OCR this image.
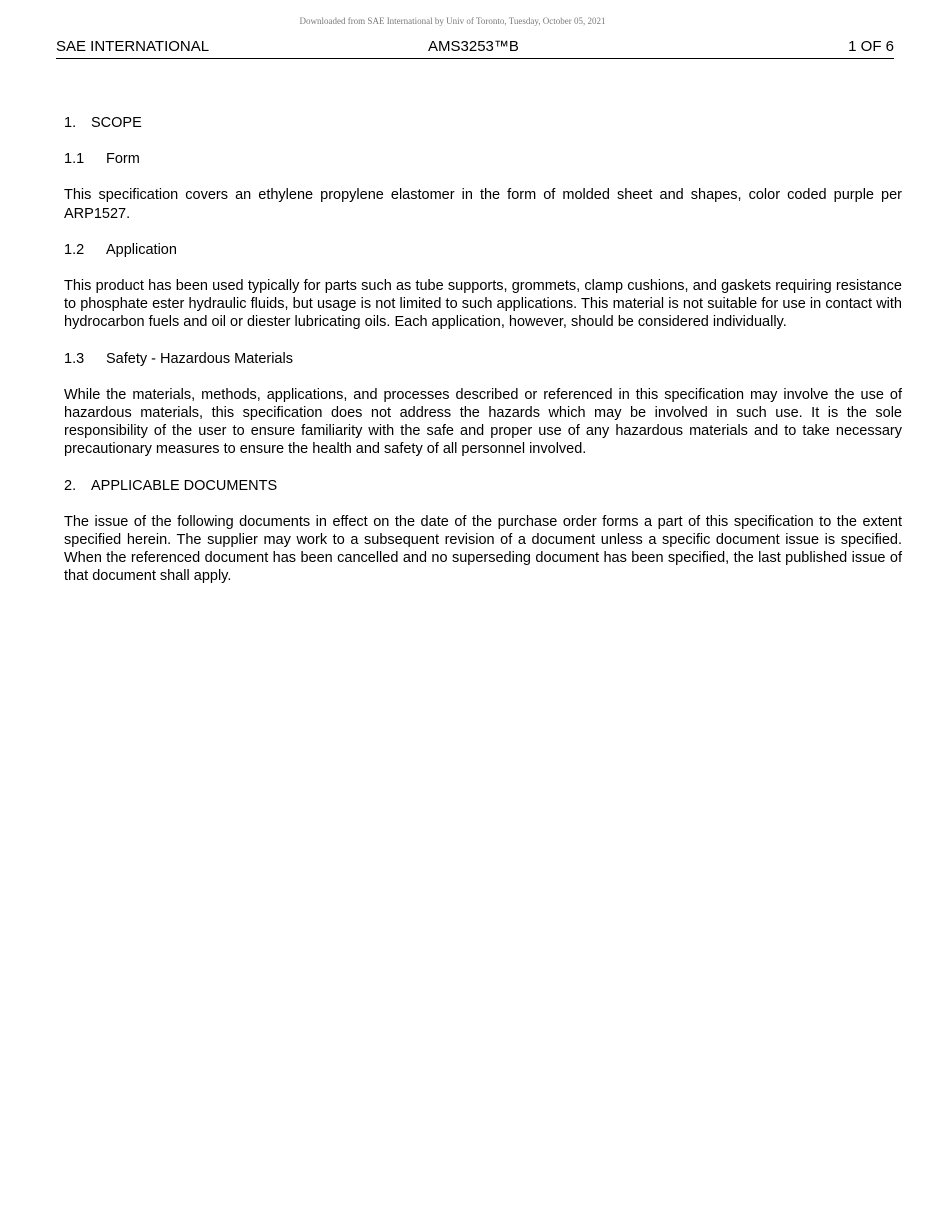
Downloaded from SAE International by Univ of Toronto, Tuesday, October 05, 2021
SAE INTERNATIONAL	AMS3253™B	1 OF 6
1. SCOPE
1.1 Form

This specification covers an ethylene propylene elastomer in the form of molded sheet and shapes, color coded purple per ARP1527.

1.2 Application

This product has been used typically for parts such as tube supports, grommets, clamp cushions, and gaskets requiring resistance to phosphate ester hydraulic fluids, but usage is not limited to such applications. This material is not suitable for use in contact with hydrocarbon fuels and oil or diester lubricating oils. Each application, however, should be considered individually.

1.3 Safety - Hazardous Materials

While the materials, methods, applications, and processes described or referenced in this specification may involve the use of hazardous materials, this specification does not address the hazards which may be involved in such use. It is the sole responsibility of the user to ensure familiarity with the safe and proper use of any hazardous materials and to take necessary precautionary measures to ensure the health and safety of all personnel involved.

2. APPLICABLE DOCUMENTS

The issue of the following documents in effect on the date of the purchase order forms a part of this specification to the extent specified herein. The supplier may work to a subsequent revision of a document unless a specific document issue is specified. When the referenced document has been cancelled and no superseding document has been specified, the last published issue of that document shall apply.
